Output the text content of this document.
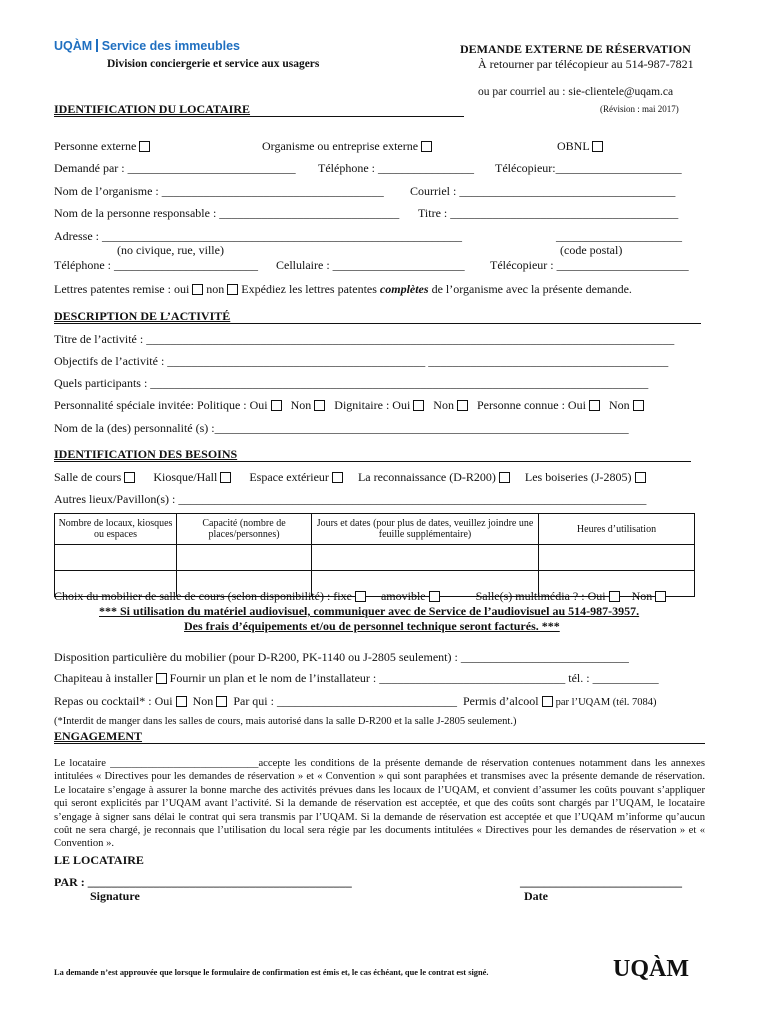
UQÀM Service des immeubles
Division conciergerie et service aux usagers
DEMANDE EXTERNE DE RÉSERVATION
À retourner par télécopieur au 514-987-7821
ou par courriel au : sie-clientele@uqam.ca
(Révision : mai 2017)
IDENTIFICATION DU LOCATAIRE
Personne externe	Organisme ou entreprise externe	OBNL
Demandé par : ____________________________ Téléphone : ________________ Télécopieur:_____________________
Nom de l’organisme : _____________________________________ Courriel : ____________________________________
Nom de la personne responsable : ______________________________ Titre : ______________________________________
Adresse : ____________________________________________________________	_____________________
(no civique, rue, ville)	(code postal)
Téléphone : ________________________ Cellulaire : ______________________ Télécopieur : ______________________
Lettres patentes remise : oui non Expédiez les lettres patentes complètes de l’organisme avec la présente demande.
DESCRIPTION DE L’ACTIVITÉ
Titre de l’activité : ________________________________________________________________________________________
Objectifs de l’activité : ___________________________________________ ________________________________________
Quels participants : ___________________________________________________________________________________
Personnalité spéciale invitée: Politique : Oui Non Dignitaire : Oui Non Personne connue : Oui Non
Nom de la (des) personnalité (s) :_____________________________________________________________________
IDENTIFICATION DES BESOINS
Salle de cours	Kiosque/Hall	Espace extérieur La reconnaissance (D-R200) Les boiseries (J-2805)
Autres lieux/Pavillon(s) : ______________________________________________________________________________
Nombre de locaux, kiosques ou espaces	Capacité (nombre de places/personnes)	Jours et dates (pour plus de dates, veuillez joindre une feuille supplémentaire)	Heures d’utilisation

Choix du mobilier de salle de cours (selon disponibilité) : fixe amovible	Salle(s) multimédia ? : Oui Non
*** Si utilisation du matériel audiovisuel, communiquer avec de Service de l’audiovisuel au 514-987-3957.
Des frais d’équipements et/ou de personnel technique seront facturés. ***
Disposition particulière du mobilier (pour D-R200, PK-1140 ou J-2805 seulement) : ____________________________
Chapiteau à installer Fournir un plan et le nom de l’installateur : _______________________________ tél. : ___________
Repas ou cocktail* : Oui Non Par qui : ______________________________ Permis d’alcool par l’UQAM (tél. 7084)
(*Interdit de manger dans les salles de cours, mais autorisé dans la salle D-R200 et la salle J-2805 seulement.)
ENGAGEMENT
Le locataire ____________________________accepte les conditions de la présente demande de réservation contenues notamment dans les annexes intitulées « Directives pour les demandes de réservation » et « Convention » qui sont paraphées et transmises avec la présente demande de réservation. Le locataire s’engage à assurer la bonne marche des activités prévues dans les locaux de l’UQAM, et convient d’assumer les coûts pouvant s’appliquer qui seront explicités par l’UQAM avant l’activité. Si la demande de réservation est acceptée, et que des coûts sont chargés par l’UQAM, le locataire s’engage à signer sans délai le contrat qui sera transmis par l’UQAM. Si la demande de réservation est acceptée et que l’UQAM m’informe qu’aucun coût ne sera chargé, je reconnais que l’utilisation du local sera régie par les documents intitulées « Directives pour les demandes de réservation » et « Convention ».
LE LOCATAIRE
PAR : ____________________________________________
Signature
___________________________
Date
La demande n’est approuvée que lorsque le formulaire de confirmation est émis et, le cas échéant, que le contrat est signé.	UQÀM
